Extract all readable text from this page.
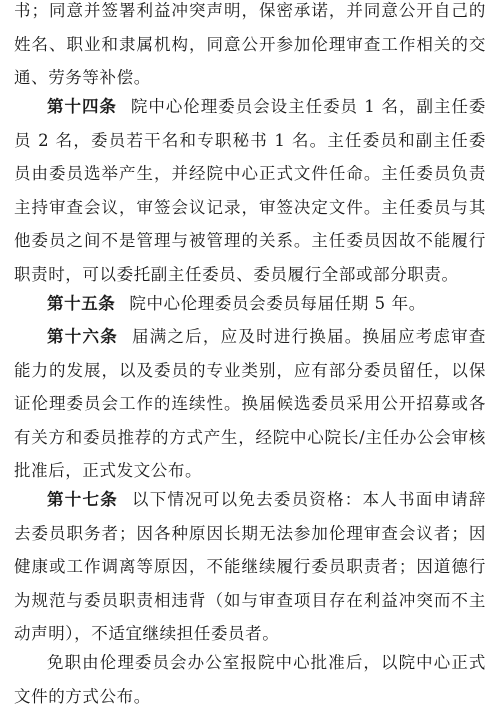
书；同意并签署利益冲突声明，保密承诺，并同意公开自己的姓名、职业和隶属机构，同意公开参加伦理审查工作相关的交通、劳务等补偿。

第十四条 院中心伦理委员会设主任委员 1 名，副主任委员 2 名，委员若干名和专职秘书 1 名。主任委员和副主任委员由委员选举产生，并经院中心正式文件任命。主任委员负责主持审查会议，审签会议记录，审签决定文件。主任委员与其他委员之间不是管理与被管理的关系。主任委员因故不能履行职责时，可以委托副主任委员、委员履行全部或部分职责。

第十五条 院中心伦理委员会委员每届任期 5 年。

第十六条 届满之后，应及时进行换届。换届应考虑审查能力的发展，以及委员的专业类别，应有部分委员留任，以保证伦理委员会工作的连续性。换届候选委员采用公开招募或各有关方和委员推荐的方式产生，经院中心院长/主任办公会审核批准后，正式发文公布。

第十七条 以下情况可以免去委员资格：本人书面申请辞去委员职务者；因各种原因长期无法参加伦理审查会议者；因健康或工作调离等原因，不能继续履行委员职责者；因道德行为规范与委员职责相违背（如与审查项目存在利益冲突而不主动声明），不适宜继续担任委员者。

免职由伦理委员会办公室报院中心批准后，以院中心正式文件的方式公布。
